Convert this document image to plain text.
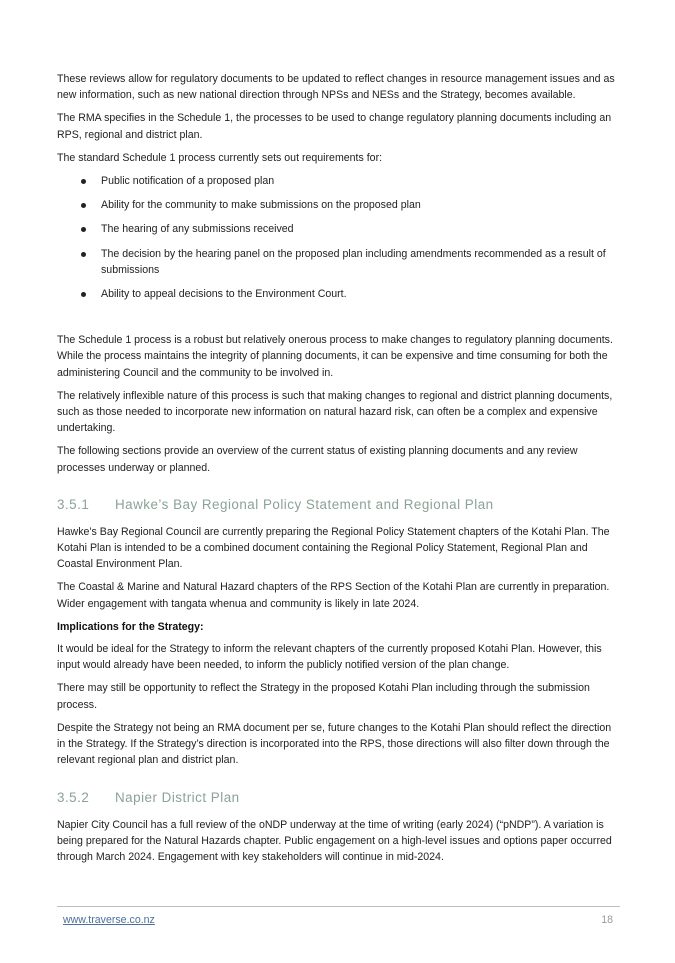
These reviews allow for regulatory documents to be updated to reflect changes in resource management issues and as new information, such as new national direction through NPSs and NESs and the Strategy, becomes available.

The RMA specifies in the Schedule 1, the processes to be used to change regulatory planning documents including an RPS, regional and district plan.

The standard Schedule 1 process currently sets out requirements for:

Public notification of a proposed plan
Ability for the community to make submissions on the proposed plan
The hearing of any submissions received
The decision by the hearing panel on the proposed plan including amendments recommended as a result of submissions
Ability to appeal decisions to the Environment Court.

The Schedule 1 process is a robust but relatively onerous process to make changes to regulatory planning documents. While the process maintains the integrity of planning documents, it can be expensive and time consuming for both the administering Council and the community to be involved in.

The relatively inflexible nature of this process is such that making changes to regional and district planning documents, such as those needed to incorporate new information on natural hazard risk, can often be a complex and expensive undertaking.

The following sections provide an overview of the current status of existing planning documents and any review processes underway or planned.

3.5.1 Hawke’s Bay Regional Policy Statement and Regional Plan

Hawke’s Bay Regional Council are currently preparing the Regional Policy Statement chapters of the Kotahi Plan. The Kotahi Plan is intended to be a combined document containing the Regional Policy Statement, Regional Plan and Coastal Environment Plan.

The Coastal & Marine and Natural Hazard chapters of the RPS Section of the Kotahi Plan are currently in preparation. Wider engagement with tangata whenua and community is likely in late 2024.

Implications for the Strategy:

It would be ideal for the Strategy to inform the relevant chapters of the currently proposed Kotahi Plan. However, this input would already have been needed, to inform the publicly notified version of the plan change.

There may still be opportunity to reflect the Strategy in the proposed Kotahi Plan including through the submission process.

Despite the Strategy not being an RMA document per se, future changes to the Kotahi Plan should reflect the direction in the Strategy. If the Strategy’s direction is incorporated into the RPS, those directions will also filter down through the relevant regional plan and district plan.

3.5.2 Napier District Plan

Napier City Council has a full review of the oNDP underway at the time of writing (early 2024) (“pNDP”). A variation is being prepared for the Natural Hazards chapter. Public engagement on a high-level issues and options paper occurred through March 2024. Engagement with key stakeholders will continue in mid-2024.

www.traverse.co.nz	18
